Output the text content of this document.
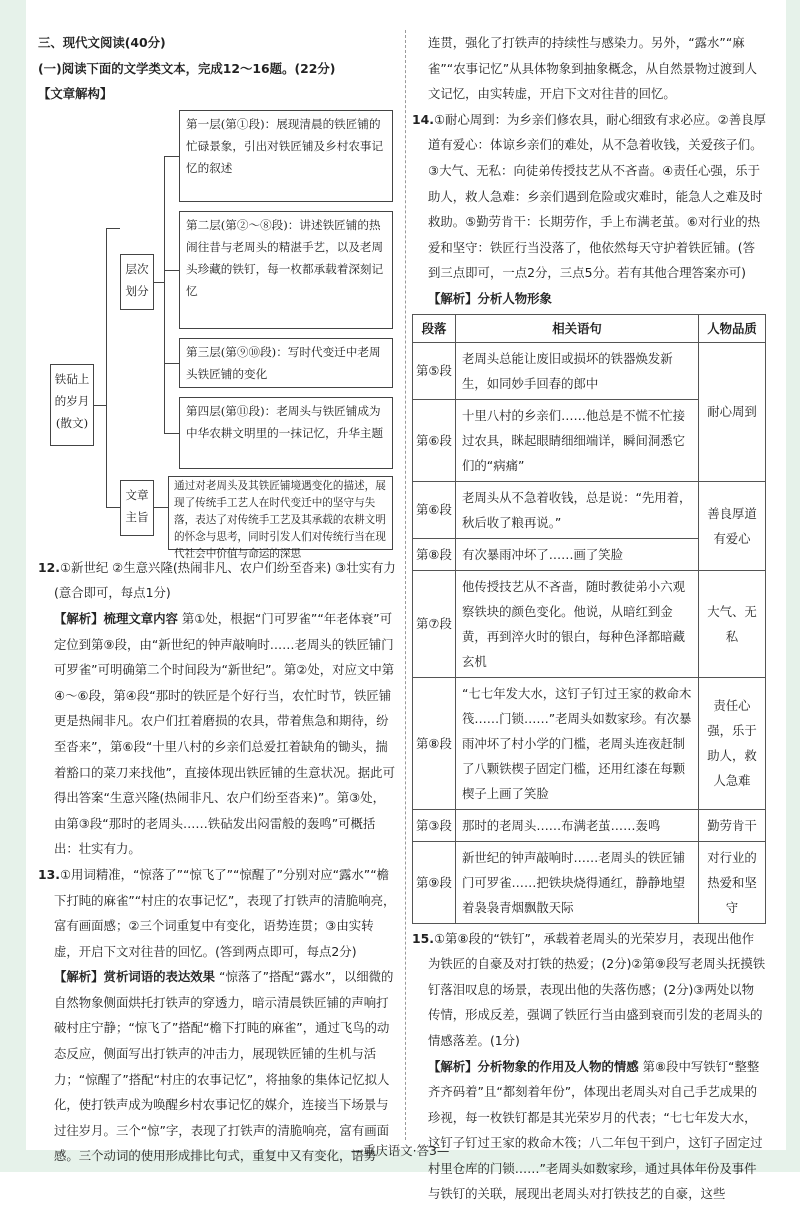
三、现代文阅读(40分)

(一)阅读下面的文学类文本，完成12～16题。(22分)

【文章解构】

第一层(第①段)：展现清晨的铁匠铺的忙碌景象，引出对铁匠铺及乡村农事记忆的叙述
第二层(第②～⑧段)：讲述铁匠铺的热闹往昔与老周头的精湛手艺，以及老周头珍藏的铁钉，每一枚都承载着深刻记忆
第三层(第⑨⑩段)：写时代变迁中老周头铁匠铺的变化
第四层(第⑪段)：老周头与铁匠铺成为中华农耕文明里的一抹记忆，升华主题
层次划分
铁砧上的岁月(散文)
文章主旨
通过对老周头及其铁匠铺境遇变化的描述，展现了传统手工艺人在时代变迁中的坚守与失落，表达了对传统手工艺及其承载的农耕文明的怀念与思考，同时引发人们对传统行当在现代社会中价值与命运的深思

12.①新世纪 ②生意兴隆(热闹非凡、农户们纷至沓来) ③壮实有力(意合即可，每点1分)

【解析】梳理文章内容 第①处，根据“门可罗雀”“年老体衰”可定位到第⑨段，由“新世纪的钟声敲响时……老周头的铁匠铺门可罗雀”可明确第二个时间段为“新世纪”。第②处，对应文中第④～⑥段，第④段“那时的铁匠是个好行当，农忙时节，铁匠铺更是热闹非凡。农户们扛着磨损的农具，带着焦急和期待，纷至沓来”，第⑥段“十里八村的乡亲们总爱扛着缺角的锄头，揣着豁口的菜刀来找他”，直接体现出铁匠铺的生意状况。据此可得出答案“生意兴隆(热闹非凡、农户们纷至沓来)”。第③处，由第③段“那时的老周头……铁砧发出闷雷般的轰鸣”可概括出：壮实有力。

13.①用词精准，“惊落了”“惊飞了”“惊醒了”分别对应“露水”“檐下打盹的麻雀”“村庄的农事记忆”，表现了打铁声的清脆响亮，富有画面感；②三个词重复中有变化，语势连贯；③由实转虚，开启下文对往昔的回忆。(答到两点即可，每点2分)

【解析】赏析词语的表达效果 “惊落了”搭配“露水”，以细微的自然物象侧面烘托打铁声的穿透力，暗示清晨铁匠铺的声响打破村庄宁静；“惊飞了”搭配“檐下打盹的麻雀”，通过飞鸟的动态反应，侧面写出打铁声的冲击力，展现铁匠铺的生机与活力；“惊醒了”搭配“村庄的农事记忆”，将抽象的集体记忆拟人化，使打铁声成为唤醒乡村农事记忆的媒介，连接当下场景与过往岁月。三个“惊”字，表现了打铁声的清脆响亮，富有画面感。三个动词的使用形成排比句式，重复中又有变化，语势

连贯，强化了打铁声的持续性与感染力。另外，“露水”“麻雀”“农事记忆”从具体物象到抽象概念，从自然景物过渡到人文记忆，由实转虚，开启下文对往昔的回忆。

14.①耐心周到：为乡亲们修农具，耐心细致有求必应。②善良厚道有爱心：体谅乡亲们的难处，从不急着收钱，关爱孩子们。③大气、无私：向徒弟传授技艺从不吝啬。④责任心强，乐于助人，救人急难：乡亲们遇到危险或灾难时，能急人之难及时救助。⑤勤劳肯干：长期劳作，手上布满老茧。⑥对行业的热爱和坚守：铁匠行当没落了，他依然每天守护着铁匠铺。(答到三点即可，一点2分，三点5分。若有其他合理答案亦可)

【解析】分析人物形象

段落	相关语句	人物品质
第⑤段	老周头总能让废旧或损坏的铁器焕发新生，如同妙手回春的郎中	耐心周到
第⑥段	十里八村的乡亲们……他总是不慌不忙接过农具，眯起眼睛细细端详，瞬间洞悉它们的“病痛”	
第⑥段	老周头从不急着收钱，总是说：“先用着，秋后收了粮再说。”	善良厚道有爱心
第⑧段	有次暴雨冲坏了……画了笑脸	
第⑦段	他传授技艺从不吝啬，随时教徒弟小六观察铁块的颜色变化。他说，从暗红到金黄，再到淬火时的银白，每种色泽都暗藏玄机	大气、无私
第⑧段	“七七年发大水，这钉子钉过王家的救命木筏……门锁……”老周头如数家珍。有次暴雨冲坏了村小学的门槛，老周头连夜赶制了八颗铁楔子固定门槛，还用红漆在每颗楔子上画了笑脸	责任心强，乐于助人，救人急难
第③段	那时的老周头……布满老茧……轰鸣	勤劳肯干
第⑨段	新世纪的钟声敲响时……老周头的铁匠铺门可罗雀……把铁块烧得通红，静静地望着袅袅青烟飘散天际	对行业的热爱和坚守

15.①第⑧段的“铁钉”，承载着老周头的光荣岁月，表现出他作为铁匠的自豪及对打铁的热爱；(2分)②第⑨段写老周头抚摸铁钉落泪叹息的场景，表现出他的失落伤感；(2分)③两处以物传情，形成反差，强调了铁匠行当由盛到衰而引发的老周头的情感落差。(1分)

【解析】分析物象的作用及人物的情感 第⑧段中写铁钉“整整齐齐码着”且“都刻着年份”，体现出老周头对自己手艺成果的珍视，每一枚铁钉都是其光荣岁月的代表；“七七年发大水，这钉子钉过王家的救命木筏；八二年包干到户，这钉子固定过村里仓库的门锁……”老周头如数家珍，通过具体年份及事件与铁钉的关联，展现出老周头对打铁技艺的自豪，这些

—重庆语文·答3—
